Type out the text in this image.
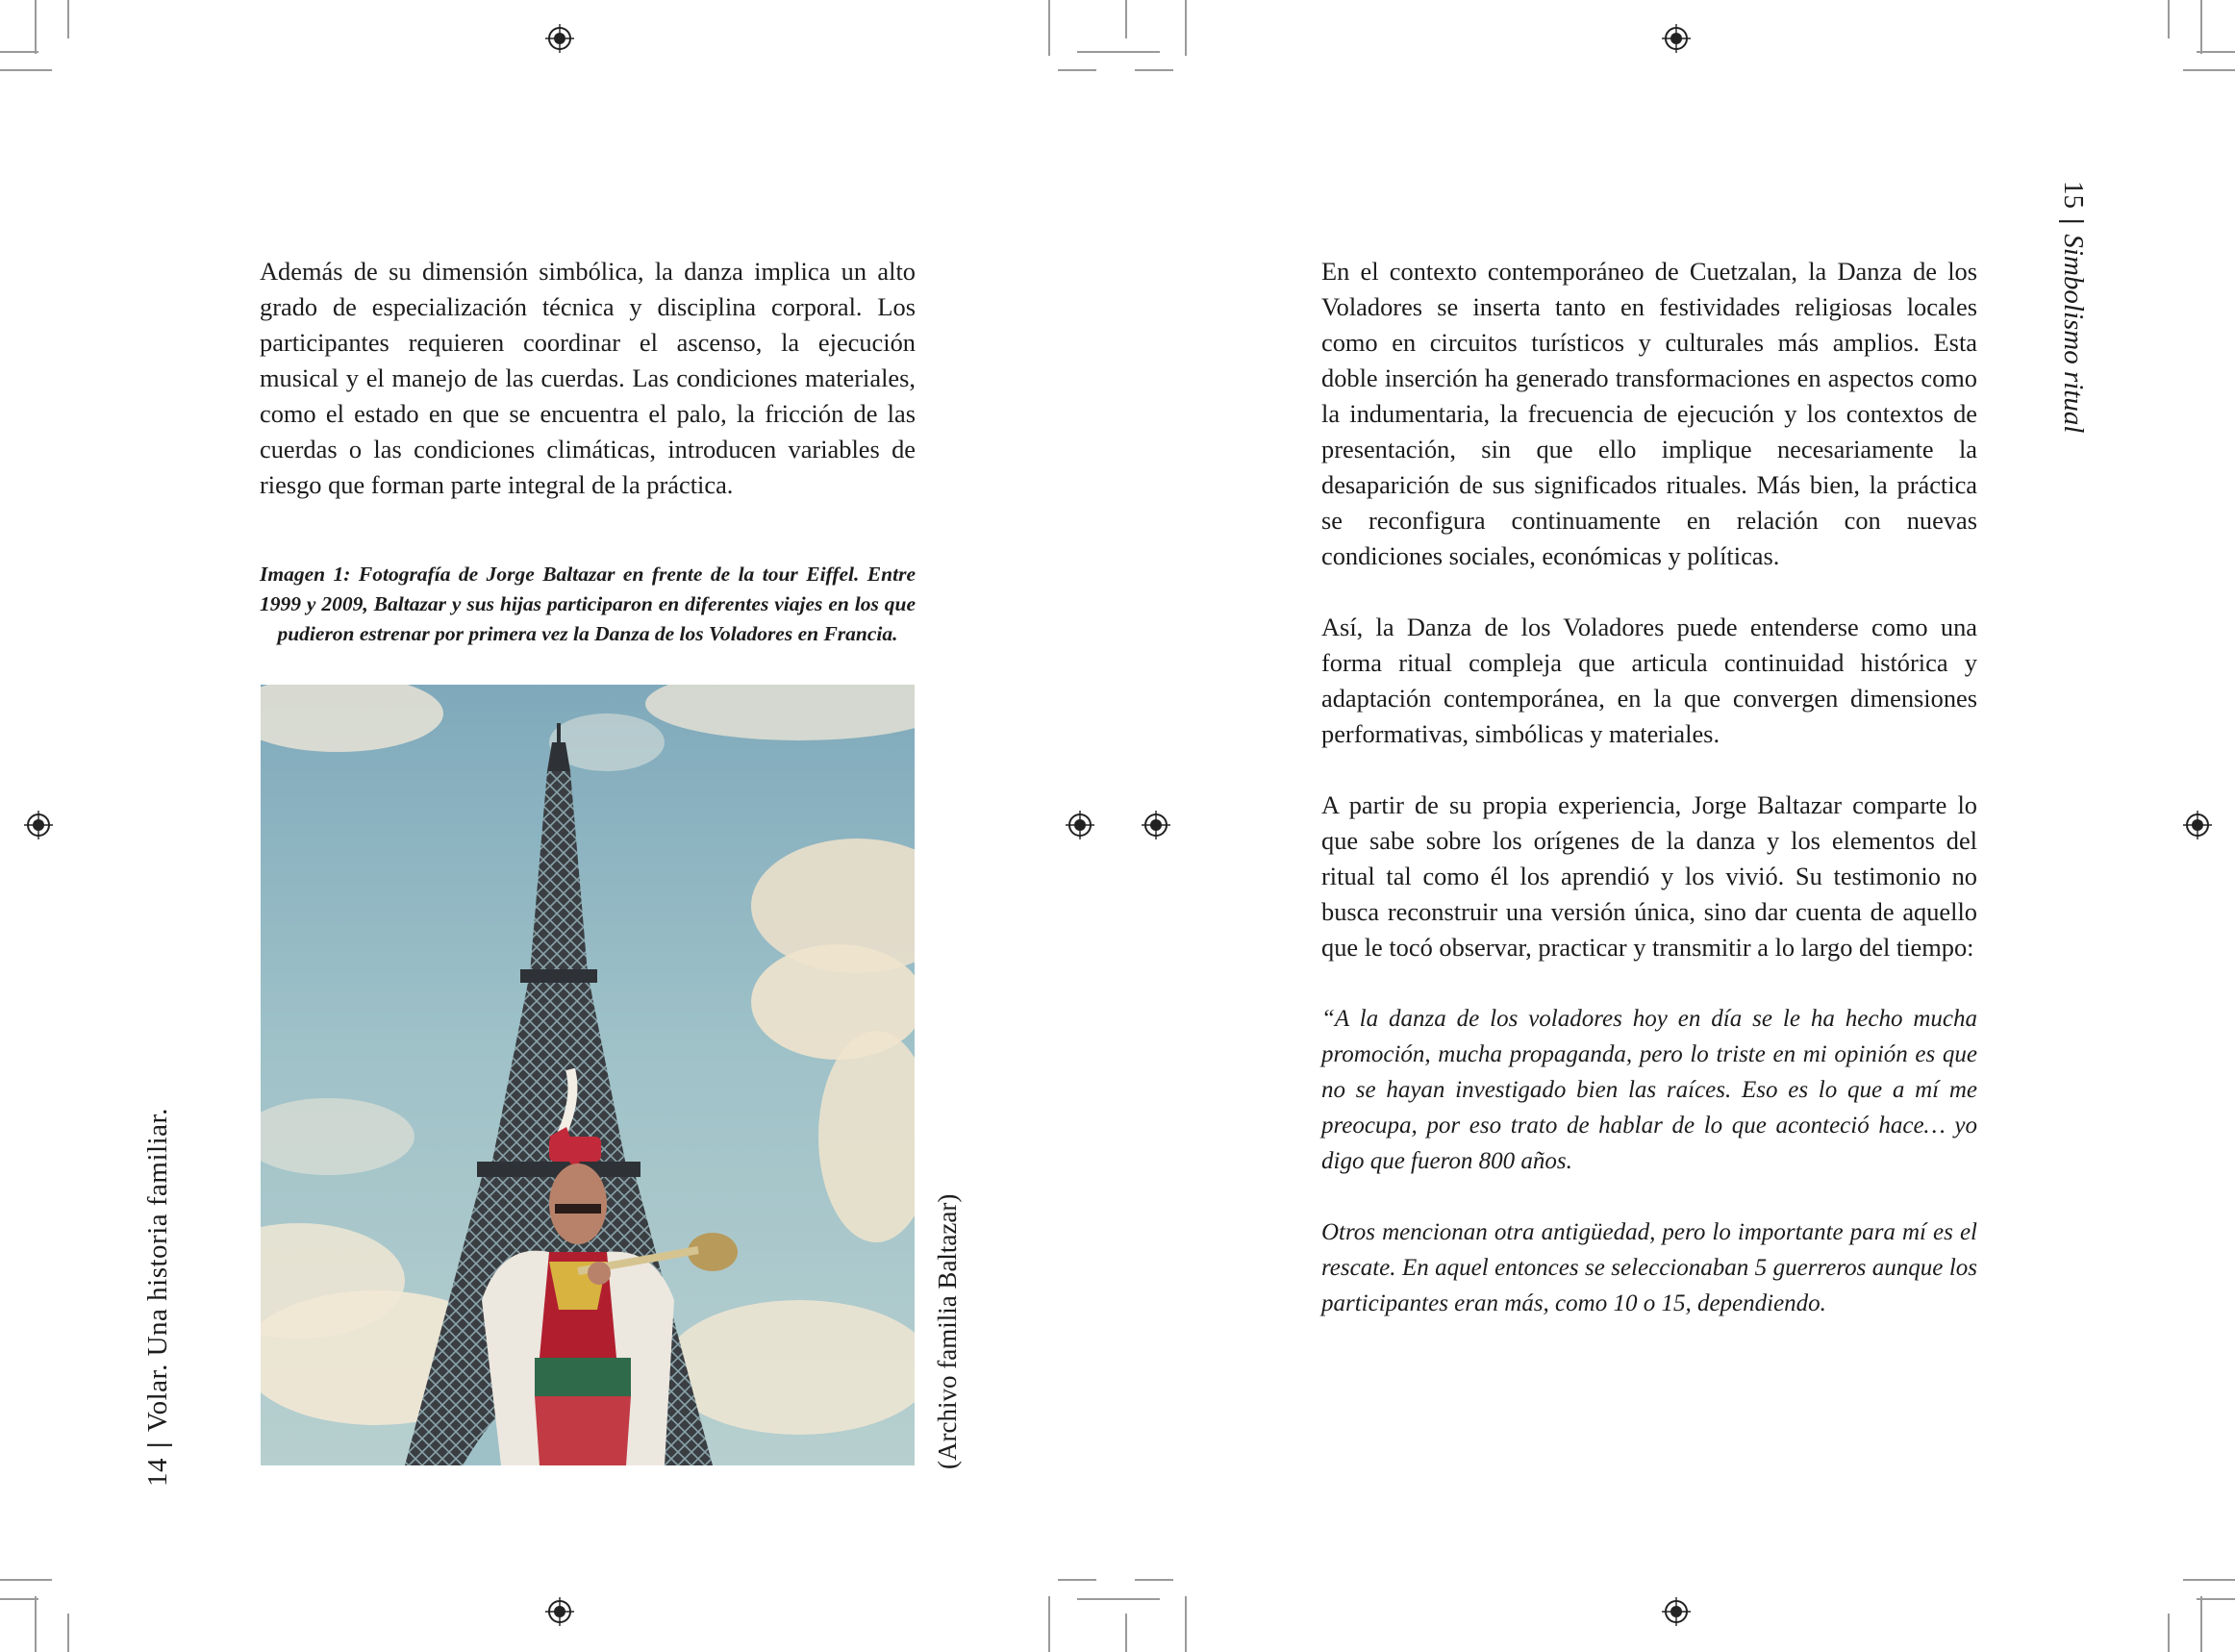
Además de su dimensión simbólica, la danza implica un alto grado de especialización técnica y disciplina corporal. Los participantes requieren coordinar el ascenso, la ejecución musical y el manejo de las cuerdas. Las condiciones materiales, como el estado en que se encuentra el palo, la fricción de las cuerdas o las condiciones climáticas, introducen variables de riesgo que forman parte integral de la práctica.

Imagen 1: Fotografía de Jorge Baltazar en frente de la tour Eiffel. Entre 1999 y 2009, Baltazar y sus hijas participaron en diferentes viajes en los que pudieron estrenar por primera vez la Danza de los Voladores en Francia.
(Archivo familia Baltazar)
14|Volar. Una historia familiar.

En el contexto contemporáneo de Cuetzalan, la Danza de los Voladores se inserta tanto en festividades religiosas locales como en circuitos turísticos y culturales más amplios. Esta doble inserción ha generado transformaciones en aspectos como la indumentaria, la frecuencia de ejecución y los contextos de presentación, sin que ello implique necesariamente la desaparición de sus significados rituales. Más bien, la práctica se reconfigura continuamente en relación con nuevas condiciones sociales, económicas y políticas.

Así, la Danza de los Voladores puede entenderse como una forma ritual compleja que articula continuidad histórica y adaptación contemporánea, en la que convergen dimensiones performativas, simbólicas y materiales.

A partir de su propia experiencia, Jorge Baltazar comparte lo que sabe sobre los orígenes de la danza y los elementos del ritual tal como él los aprendió y los vivió. Su testimonio no busca reconstruir una versión única, sino dar cuenta de aquello que le tocó observar, practicar y transmitir a lo largo del tiempo:

“A la danza de los voladores hoy en día se le ha hecho mucha promoción, mucha propaganda, pero lo triste en mi opinión es que no se hayan investigado bien las raíces. Eso es lo que a mí me preocupa, por eso trato de hablar de lo que aconteció hace… yo digo que fueron 800 años.

Otros mencionan otra antigüedad, pero lo importante para mí es el rescate. En aquel entonces se seleccionaban 5 guerreros aunque los participantes eran más, como 10 o 15, dependiendo.

15|Simbolismo ritual
